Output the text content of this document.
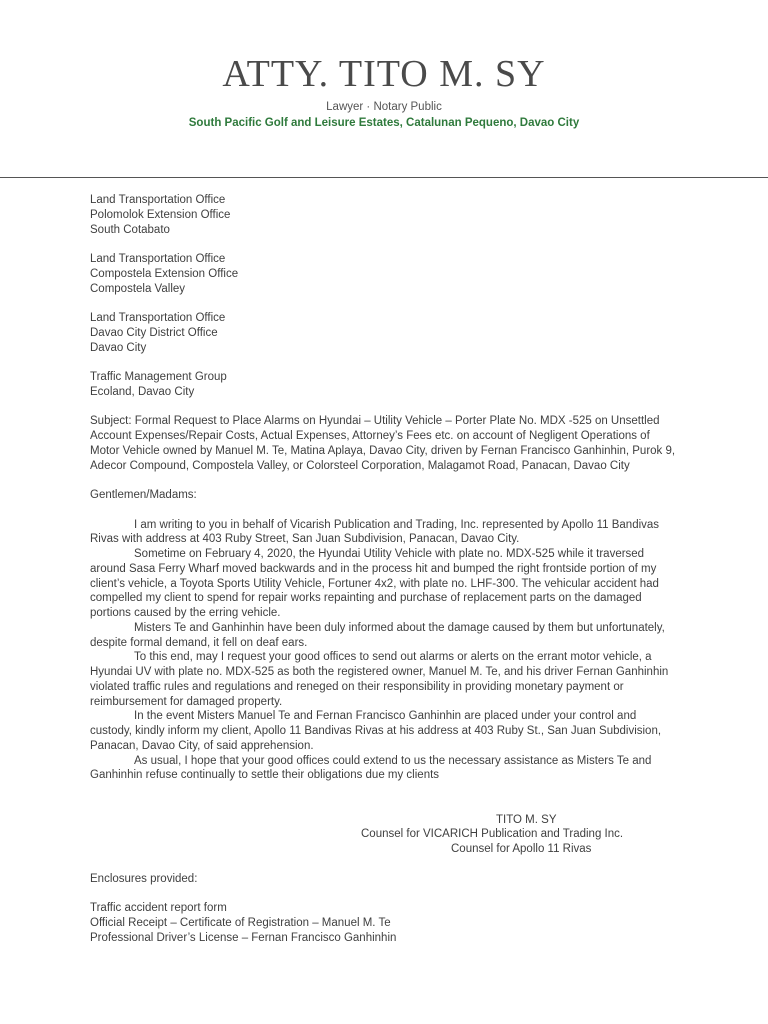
ATTY. TITO M. SY
Lawyer · Notary Public
South Pacific Golf and Leisure Estates, Catalunan Pequeno, Davao City
Land Transportation Office
Polomolok Extension Office
South Cotabato
Land Transportation Office
Compostela Extension Office
Compostela Valley
Land Transportation Office
Davao City District Office
Davao City
Traffic Management Group
Ecoland, Davao City

Subject: Formal Request to Place Alarms on Hyundai – Utility Vehicle – Porter Plate No. MDX -525 on Unsettled Account Expenses/Repair Costs, Actual Expenses, Attorney’s Fees etc. on account of Negligent Operations of Motor Vehicle owned by Manuel M. Te, Matina Aplaya, Davao City, driven by Fernan Francisco Ganhinhin, Purok 9, Adecor Compound, Compostela Valley, or Colorsteel Corporation, Malagamot Road, Panacan, Davao City

Gentlemen/Madams:

I am writing to you in behalf of Vicarish Publication and Trading, Inc. represented by Apollo 11 Bandivas Rivas with address at 403 Ruby Street, San Juan Subdivision, Panacan, Davao City.

Sometime on February 4, 2020, the Hyundai Utility Vehicle with plate no. MDX-525 while it traversed around Sasa Ferry Wharf moved backwards and in the process hit and bumped the right frontside portion of my client’s vehicle, a Toyota Sports Utility Vehicle, Fortuner 4x2, with plate no. LHF-300. The vehicular accident had compelled my client to spend for repair works repainting and purchase of replacement parts on the damaged portions caused by the erring vehicle.

Misters Te and Ganhinhin have been duly informed about the damage caused by them but unfortunately, despite formal demand, it fell on deaf ears.

To this end, may I request your good offices to send out alarms or alerts on the errant motor vehicle, a Hyundai UV with plate no. MDX-525 as both the registered owner, Manuel M. Te, and his driver Fernan Ganhinhin violated traffic rules and regulations and reneged on their responsibility in providing monetary payment or reimbursement for damaged property.

In the event Misters Manuel Te and Fernan Francisco Ganhinhin are placed under your control and custody, kindly inform my client, Apollo 11 Bandivas Rivas at his address at 403 Ruby St., San Juan Subdivision, Panacan, Davao City, of said apprehension.

As usual, I hope that your good offices could extend to us the necessary assistance as Misters Te and Ganhinhin refuse continually to settle their obligations due my clients

TITO M. SY
Counsel for VICARICH Publication and Trading Inc.
Counsel for Apollo 11 Rivas
Enclosures provided:
Traffic accident report form
Official Receipt – Certificate of Registration – Manuel M. Te
Professional Driver’s License – Fernan Francisco Ganhinhin
